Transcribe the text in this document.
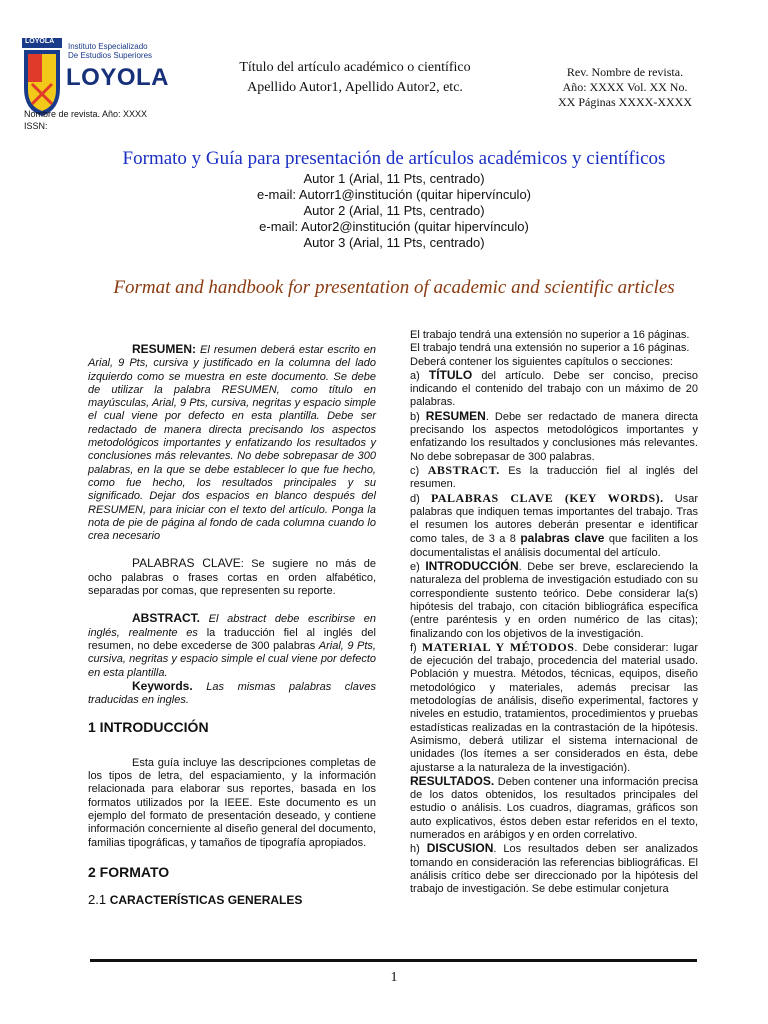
LOYOLA
Instituto Especializado
De Estudios Superiores
LOYOLA
Nombre de revista. Año: XXXX
ISSN:
Título del artículo académico o científico
Apellido Autor1, Apellido Autor2, etc.
Rev. Nombre de revista.
Año: XXXX Vol. XX No.
XX Páginas XXXX-XXXX
Formato y Guía para presentación de artículos académicos y científicos
Autor 1 (Arial, 11 Pts, centrado)
e-mail: Autorr1@institución (quitar hipervínculo)
Autor 2 (Arial, 11 Pts, centrado)
e-mail: Autor2@institución (quitar hipervínculo)
Autor 3 (Arial, 11 Pts, centrado)
Format and handbook for presentation of academic and scientific articles

RESUMEN: El resumen deberá estar escrito en Arial, 9 Pts, cursiva y justificado en la columna del lado izquierdo como se muestra en este documento. Se debe de utilizar la palabra RESUMEN, como título en mayúsculas, Arial, 9 Pts, cursiva, negritas y espacio simple el cual viene por defecto en esta plantilla. Debe ser redactado de manera directa precisando los aspectos metodológicos importantes y enfatizando los resultados y conclusiones más relevantes. No debe sobrepasar de 300 palabras, en la que se debe establecer lo que fue hecho, como fue hecho, los resultados principales y su significado. Dejar dos espacios en blanco después del RESUMEN, para iniciar con el texto del artículo. Ponga la nota de pie de página al fondo de cada columna cuando lo crea necesario

PALABRAS CLAVE: Se sugiere no más de ocho palabras o frases cortas en orden alfabético, separadas por comas, que representen su reporte.

ABSTRACT. El abstract debe escribirse en inglés, realmente es la traducción fiel al inglés del resumen, no debe excederse de 300 palabras Arial, 9 Pts, cursiva, negritas y espacio simple el cual viene por defecto en esta plantilla.

Keywords. Las mismas palabras claves traducidas en ingles.

1 INTRODUCCIÓN

Esta guía incluye las descripciones completas de los tipos de letra, del espaciamiento, y la información relacionada para elaborar sus reportes, basada en los formatos utilizados por la IEEE. Este documento es un ejemplo del formato de presentación deseado, y contiene información concerniente al diseño general del documento, familias tipográficas, y tamaños de tipografía apropiados.

2 FORMATO

2.1 CARACTERÍSTICAS GENERALES

El trabajo tendrá una extensión no superior a 16 páginas. El trabajo tendrá una extensión no superior a 16 páginas. Deberá contener los siguientes capítulos o secciones:

a) TÍTULO del artículo. Debe ser conciso, preciso indicando el contenido del trabajo con un máximo de 20 palabras.

b) RESUMEN. Debe ser redactado de manera directa precisando los aspectos metodológicos importantes y enfatizando los resultados y conclusiones más relevantes. No debe sobrepasar de 300 palabras.

c) ABSTRACT. Es la traducción fiel al inglés del resumen.

d) PALABRAS CLAVE (KEY WORDS). Usar palabras que indiquen temas importantes del trabajo. Tras el resumen los autores deberán presentar e identificar como tales, de 3 a 8 palabras clave que faciliten a los documentalistas el análisis documental del artículo.

e) INTRODUCCIÓN. Debe ser breve, esclareciendo la naturaleza del problema de investigación estudiado con su correspondiente sustento teórico. Debe considerar la(s) hipótesis del trabajo, con citación bibliográfica específica (entre paréntesis y en orden numérico de las citas); finalizando con los objetivos de la investigación.

f) MATERIAL Y MÉTODOS. Debe considerar: lugar de ejecución del trabajo, procedencia del material usado. Población y muestra. Métodos, técnicas, equipos, diseño metodológico y materiales, además precisar las metodologías de análisis, diseño experimental, factores y niveles en estudio, tratamientos, procedimientos y pruebas estadísticas realizadas en la contrastación de la hipótesis. Asimismo, deberá utilizar el sistema internacional de unidades (los ítemes a ser considerados en ésta, debe ajustarse a la naturaleza de la investigación).

RESULTADOS. Deben contener una información precisa de los datos obtenidos, los resultados principales del estudio o análisis. Los cuadros, diagramas, gráficos son auto explicativos, éstos deben estar referidos en el texto, numerados en arábigos y en orden correlativo.

h) DISCUSION. Los resultados deben ser analizados tomando en consideración las referencias bibliográficas. El análisis crítico debe ser direccionado por la hipótesis del trabajo de investigación. Se debe estimular conjetura

1
